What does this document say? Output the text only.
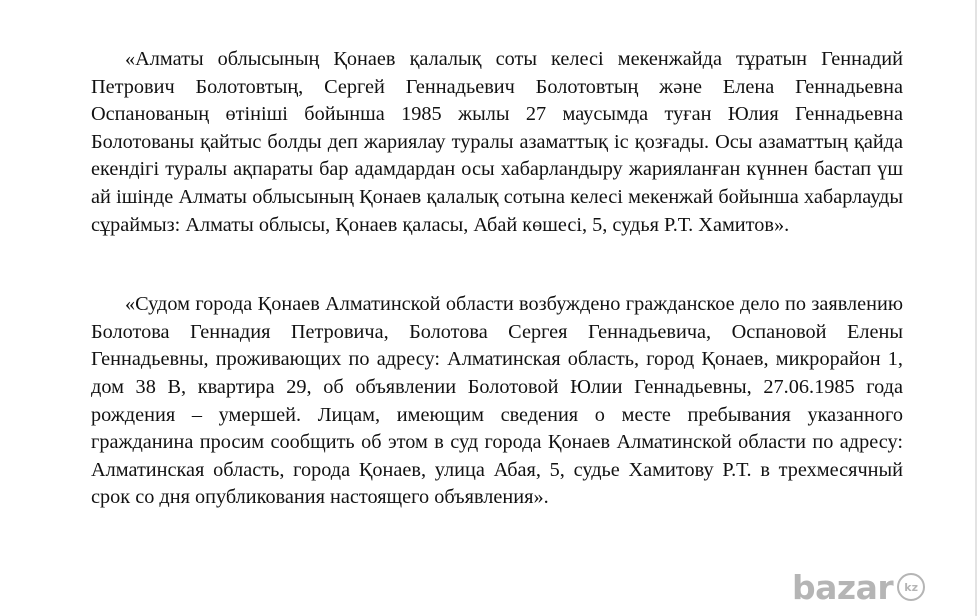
«Алматы облысының Қонаев қалалық соты келесі мекенжайда тұратын Геннадий Петрович Болотовтың, Сергей Геннадьевич Болотовтың және Елена Геннадьевна Оспанованың өтініші бойынша 1985 жылы 27 маусымда туған Юлия Геннадьевна Болотованы қайтыс болды деп жариялау туралы азаматтық іс қозғады. Осы азаматтың қайда екендігі туралы ақпараты бар адамдардан осы хабарландыру жарияланған күннен бастап үш ай ішінде Алматы облысының Қонаев қалалық сотына келесі мекенжай бойынша хабарлауды сұраймыз: Алматы облысы, Қонаев қаласы, Абай көшесі, 5, судья Р.Т. Хамитов».

«Судом города Қонаев Алматинской области возбуждено гражданское дело по заявлению Болотова Геннадия Петровича, Болотова Сергея Геннадьевича, Оспановой Елены Геннадьевны, проживающих по адресу: Алматинская область, город Қонаев, микрорайон 1, дом 38 В, квартира 29, об объявлении Болотовой Юлии Геннадьевны, 27.06.1985 года рождения – умершей. Лицам, имеющим сведения о месте пребывания указанного гражданина просим сообщить об этом в суд города Қонаев Алматинской области по адресу: Алматинская область, города Қонаев, улица Абая, 5, судье Хамитову Р.Т. в трехмесячный срок со дня опубликования настоящего объявления».

bazar	kz
